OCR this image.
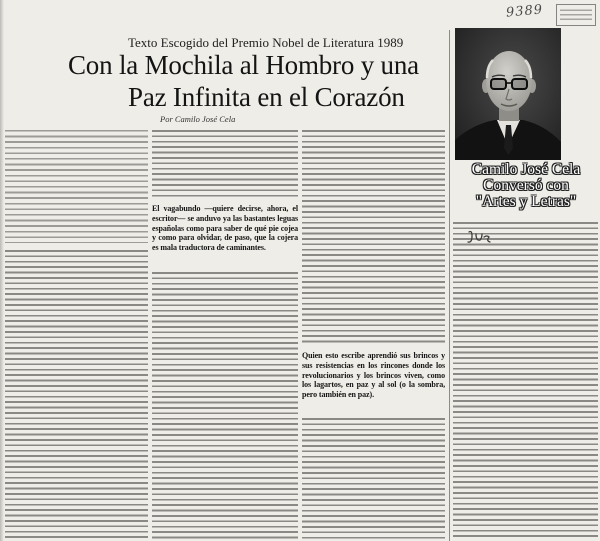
9389
Texto Escogido del Premio Nobel de Literatura 1989
Con la Mochila al Hombro y una
Paz Infinita en el Corazón
Por Camilo José Cela
El vagabundo —quiere decirse, ahora, el escritor— se anduvo ya las bastantes leguas españolas como para saber de qué pie cojea y como para olvidar, de paso, que la cojera es mala traductora de caminantes.
Quien esto escribe aprendió sus brincos y sus resistencias en los rincones donde los revolucionarios y los brincos viven, como los lagartos, en paz y al sol (o la sombra, pero también en paz).
Camilo José Cela
Conversó con
"Artes y Letras"
